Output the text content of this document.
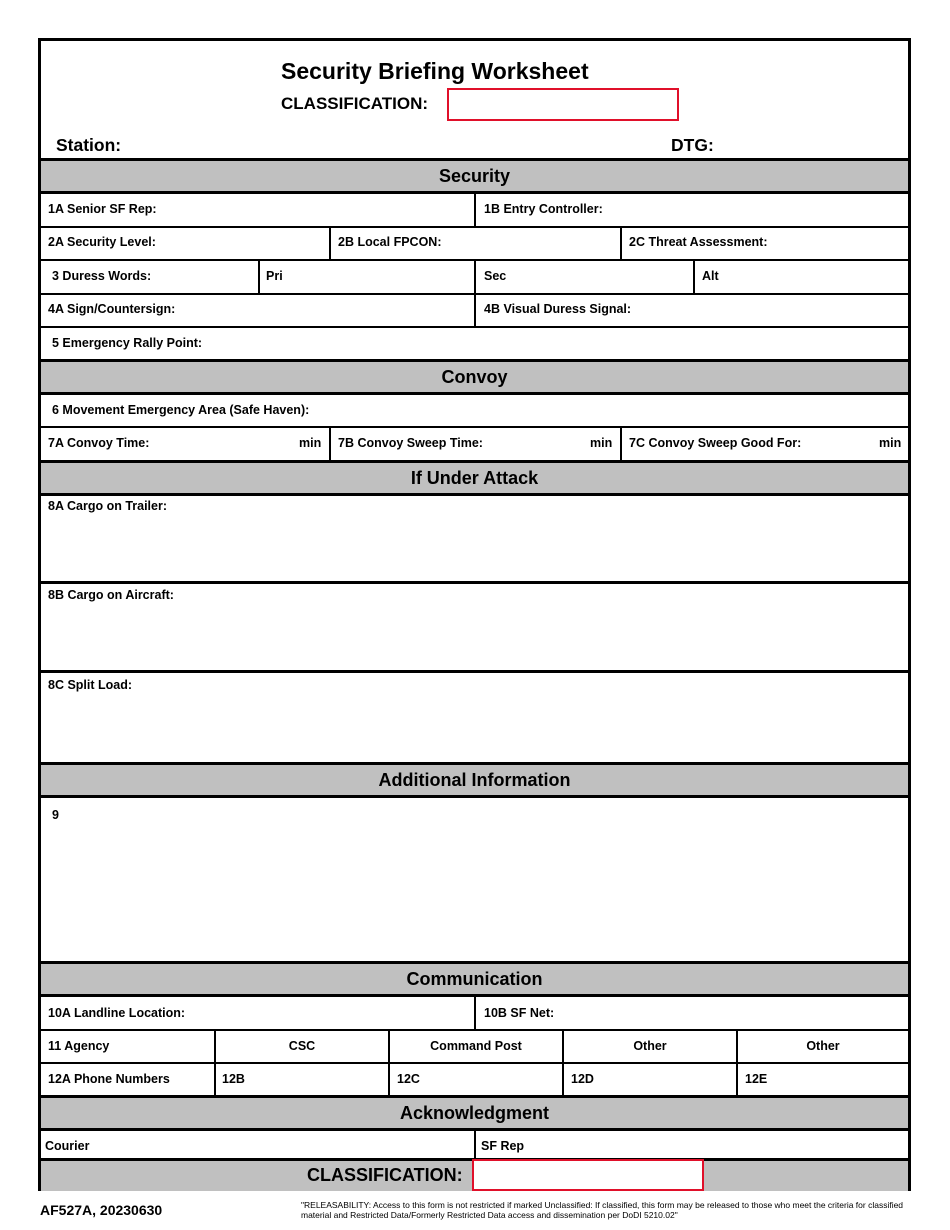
Security Briefing Worksheet
CLASSIFICATION:
Station:	DTG:
Security
1A Senior SF Rep:	1B Entry Controller:
2A Security Level:	2B Local FPCON:	2C Threat Assessment:
3 Duress Words:	Pri	Sec	Alt
4A Sign/Countersign:	4B Visual Duress Signal:
5 Emergency Rally Point:
Convoy
6 Movement Emergency Area (Safe Haven):
7A Convoy Time:	min 7B Convoy Sweep Time:	min 7C Convoy Sweep Good For:	min
If Under Attack
8A Cargo on Trailer:
8B Cargo on Aircraft:
8C Split Load:
Additional Information
9
Communication
10A Landline Location:	10B SF Net:
11 Agency	CSC	Command Post	Other	Other
12A Phone Numbers	12B	12C	12D	12E
Acknowledgment
Courier	SF Rep
CLASSIFICATION:
AF527A, 20230630	"RELEASABILITY: Access to this form is not restricted if marked Unclassified: If classified, this form may be released to those who meet the criteria for classified material and Restricted Data/Formerly Restricted Data access and dissemination per DoDI 5210.02"
